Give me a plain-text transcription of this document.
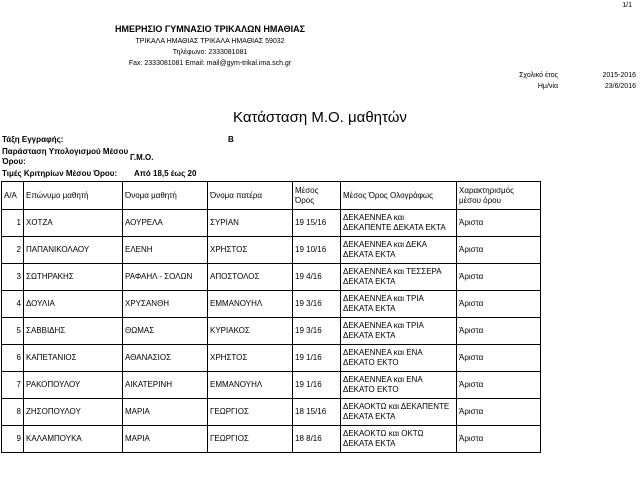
1/1
ΗΜΕΡΗΣΙΟ ΓΥΜΝΑΣΙΟ ΤΡΙΚΑΛΩΝ ΗΜΑΘΙΑΣ
ΤΡΙΚΑΛΑ ΗΜΑΘΙΑΣ ΤΡΙΚΑΛΑ ΗΜΑΘΙΑΣ 59032
Τηλέφωνο: 2333081081
Fax: 2333081081 Email: mail@gym-trikal.ima.sch.gr
Σχολικό έτος	2015-2016
Ημ/νία	23/6/2016
Κατάσταση Μ.Ο. μαθητών
Τάξη Εγγραφής:	Β
Παράσταση Υπολογισμού Μέσου
Όρου:	Γ.Μ.Ο.
Τιμές Κριτηρίων Μέσου Όρου: Από 18,5 έως 20
Α/Α	Επώνυμο μαθητή	Όνομα μαθητή	Όνομα πατέρα	Μέσος Όρος	Μέσος Όρος Ολογράφως	Χαρακτηρισμός μέσου όρου
1	ΧΟΤΖΑ	ΑΟΥΡΕΛΑ	ΣΥΡΙΑΝ	19 15/16	ΔΕΚΑΕΝΝΕΑ και ΔΕΚΑΠΕΝΤΕ ΔΕΚΑΤΑ ΕΚΤΑ	Άριστα
2	ΠΑΠΑΝΙΚΟΛΑΟΥ	ΕΛΕΝΗ	ΧΡΗΣΤΟΣ	19 10/16	ΔΕΚΑΕΝΝΕΑ και ΔΕΚΑ ΔΕΚΑΤΑ ΕΚΤΑ	Άριστα
3	ΣΩΤΗΡΑΚΗΣ	ΡΑΦΑΗΛ - ΣΟΛΩΝ	ΑΠΟΣΤΟΛΟΣ	19 4/16	ΔΕΚΑΕΝΝΕΑ και ΤΕΣΣΕΡΑ ΔΕΚΑΤΑ ΕΚΤΑ	Άριστα
4	ΔΟΥΛΙΑ	ΧΡΥΣΑΝΘΗ	ΕΜΜΑΝΟΥΗΛ	19 3/16	ΔΕΚΑΕΝΝΕΑ και ΤΡΙΑ ΔΕΚΑΤΑ ΕΚΤΑ	Άριστα
5	ΣΑΒΒΙΔΗΣ	ΘΩΜΑΣ	ΚΥΡΙΑΚΟΣ	19 3/16	ΔΕΚΑΕΝΝΕΑ και ΤΡΙΑ ΔΕΚΑΤΑ ΕΚΤΑ	Άριστα
6	ΚΑΠΕΤΑΝΙΟΣ	ΑΘΑΝΑΣΙΟΣ	ΧΡΗΣΤΟΣ	19 1/16	ΔΕΚΑΕΝΝΕΑ και ΕΝΑ ΔΕΚΑΤΟ ΕΚΤΟ	Άριστα
7	ΡΑΚΟΠΟΥΛΟΥ	ΑΙΚΑΤΕΡΙΝΗ	ΕΜΜΑΝΟΥΗΛ	19 1/16	ΔΕΚΑΕΝΝΕΑ και ΕΝΑ ΔΕΚΑΤΟ ΕΚΤΟ	Άριστα
8	ΖΗΣΟΠΟΥΛΟΥ	ΜΑΡΙΑ	ΓΕΩΡΓΙΟΣ	18 15/16	ΔΕΚΑΟΚΤΩ και ΔΕΚΑΠΕΝΤΕ ΔΕΚΑΤΑ ΕΚΤΑ	Άριστα
9	ΚΑΛΑΜΠΟΥΚΑ	ΜΑΡΙΑ	ΓΕΩΡΓΙΟΣ	18 8/16	ΔΕΚΑΟΚΤΩ και ΟΚΤΩ ΔΕΚΑΤΑ ΕΚΤΑ	Άριστα
